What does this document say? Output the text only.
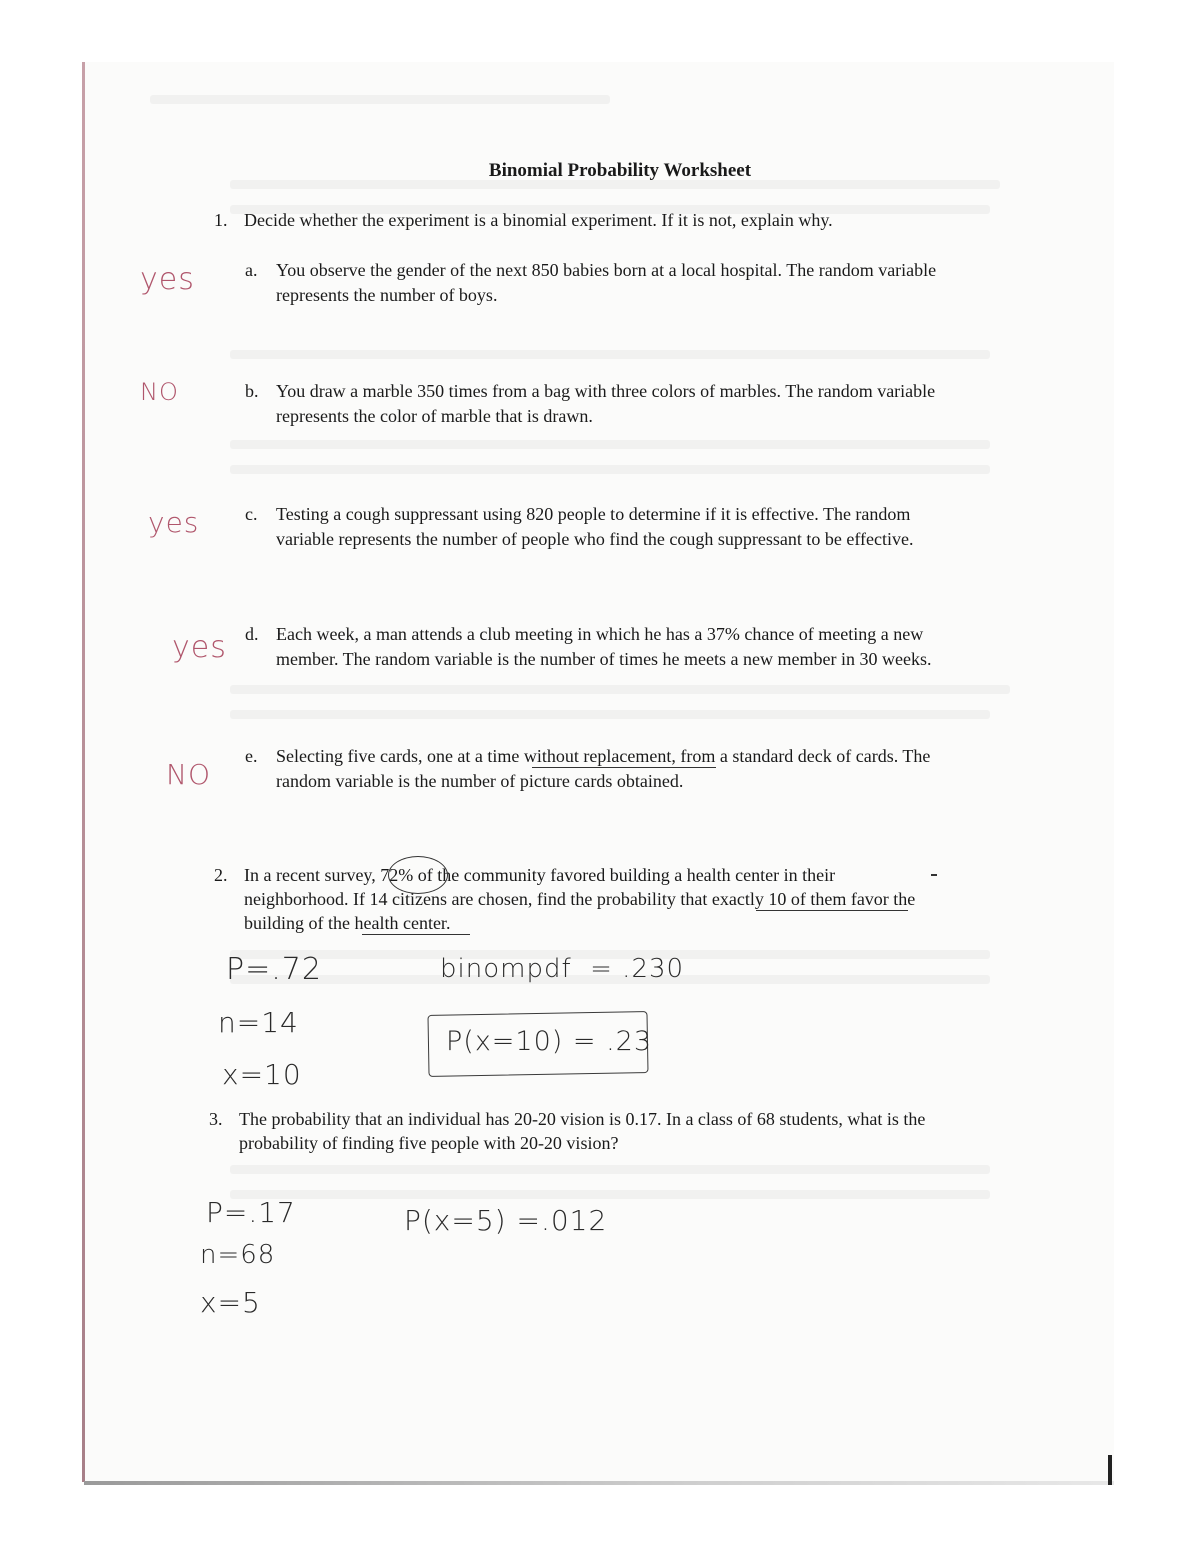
Binomial Probability Worksheet
1. Decide whether the experiment is a binomial experiment. If it is not, explain why.
a. You observe the gender of the next 850 babies born at a local hospital. The random variable
represents the number of boys.
yes
b. You draw a marble 350 times from a bag with three colors of marbles. The random variable
represents the color of marble that is drawn.
NO
c. Testing a cough suppressant using 820 people to determine if it is effective. The random
variable represents the number of people who find the cough suppressant to be effective.
yes
d. Each week, a man attends a club meeting in which he has a 37% chance of meeting a new
member. The random variable is the number of times he meets a new member in 30 weeks.
yes
e. Selecting five cards, one at a time without replacement, from a standard deck of cards. The
random variable is the number of picture cards obtained.
NO
2. In a recent survey, 72% of the community favored building a health center in their
neighborhood. If 14 citizens are chosen, find the probability that exactly 10 of them favor the
building of the health center.
P=.72
n=14
x=10
binompdf  = .230
P(x=10) = .23
3. The probability that an individual has 20-20 vision is 0.17. In a class of 68 students, what is the
probability of finding five people with 20-20 vision?
P=.17
n=68
x=5
P(x=5) =.012
